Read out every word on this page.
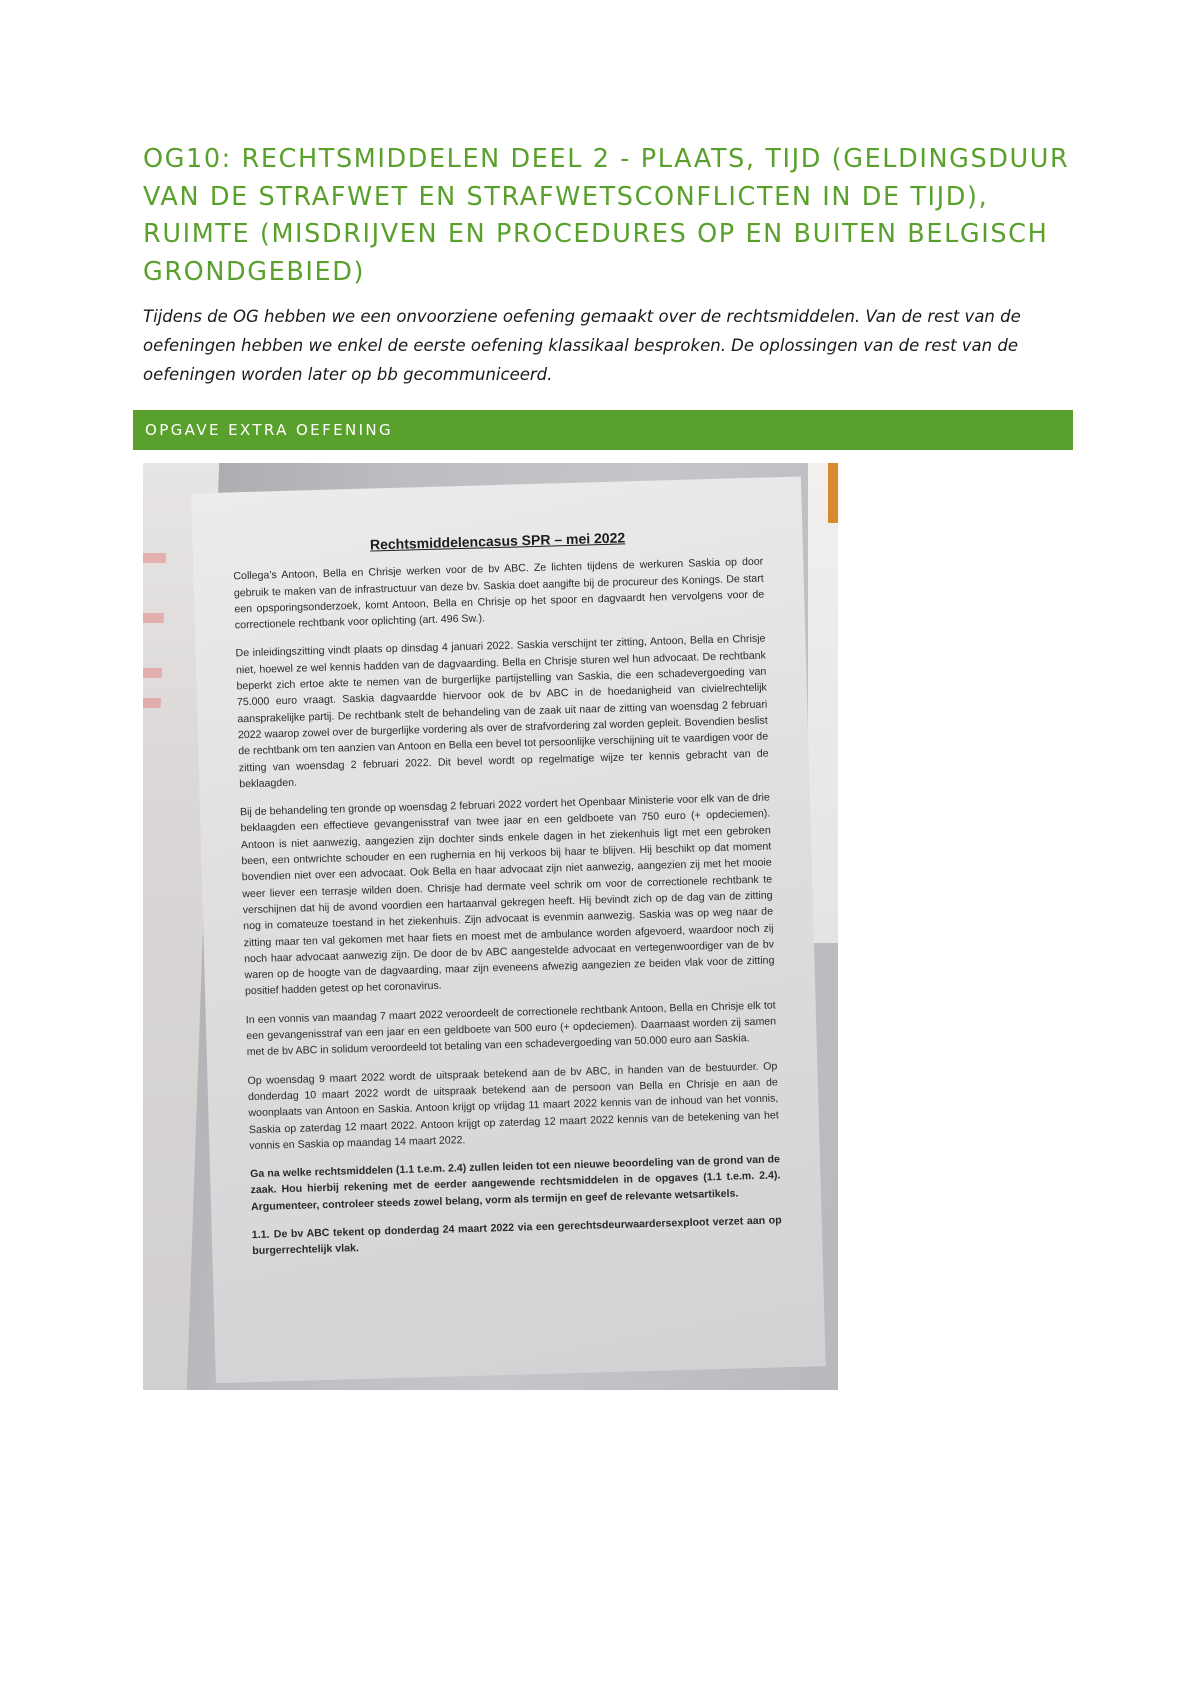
OG10: RECHTSMIDDELEN DEEL 2 - PLAATS, TIJD (GELDINGSDUUR VAN DE STRAFWET EN STRAFWETSCONFLICTEN IN DE TIJD), RUIMTE (MISDRIJVEN EN PROCEDURES OP EN BUITEN BELGISCH GRONDGEBIED)

Tijdens de OG hebben we een onvoorziene oefening gemaakt over de rechtsmiddelen. Van de rest van de oefeningen hebben we enkel de eerste oefening klassikaal besproken. De oplossingen van de rest van de oefeningen worden later op bb gecommuniceerd.

OPGAVE EXTRA OEFENING
Rechtsmiddelencasus SPR – mei 2022

Collega’s Antoon, Bella en Chrisje werken voor de bv ABC. Ze lichten tijdens de werkuren Saskia op door gebruik te maken van de infrastructuur van deze bv. Saskia doet aangifte bij de procureur des Konings. De start een opsporingsonderzoek, komt Antoon, Bella en Chrisje op het spoor en dagvaardt hen vervolgens voor de correctionele rechtbank voor oplichting (art. 496 Sw.).

De inleidingszitting vindt plaats op dinsdag 4 januari 2022. Saskia verschijnt ter zitting, Antoon, Bella en Chrisje niet, hoewel ze wel kennis hadden van de dagvaarding. Bella en Chrisje sturen wel hun advocaat. De rechtbank beperkt zich ertoe akte te nemen van de burgerlijke partijstelling van Saskia, die een schadevergoeding van 75.000 euro vraagt. Saskia dagvaardde hiervoor ook de bv ABC in de hoedanigheid van civielrechtelijk aansprakelijke partij. De rechtbank stelt de behandeling van de zaak uit naar de zitting van woensdag 2 februari 2022 waarop zowel over de burgerlijke vordering als over de strafvordering zal worden gepleit. Bovendien beslist de rechtbank om ten aanzien van Antoon en Bella een bevel tot persoonlijke verschijning uit te vaardigen voor de zitting van woensdag 2 februari 2022. Dit bevel wordt op regelmatige wijze ter kennis gebracht van de beklaagden.

Bij de behandeling ten gronde op woensdag 2 februari 2022 vordert het Openbaar Ministerie voor elk van de drie beklaagden een effectieve gevangenisstraf van twee jaar en een geldboete van 750 euro (+ opdeciemen). Antoon is niet aanwezig, aangezien zijn dochter sinds enkele dagen in het ziekenhuis ligt met een gebroken been, een ontwrichte schouder en een rughernia en hij verkoos bij haar te blijven. Hij beschikt op dat moment bovendien niet over een advocaat. Ook Bella en haar advocaat zijn niet aanwezig, aangezien zij met het mooie weer liever een terrasje wilden doen. Chrisje had dermate veel schrik om voor de correctionele rechtbank te verschijnen dat hij de avond voordien een hartaanval gekregen heeft. Hij bevindt zich op de dag van de zitting nog in comateuze toestand in het ziekenhuis. Zijn advocaat is evenmin aanwezig. Saskia was op weg naar de zitting maar ten val gekomen met haar fiets en moest met de ambulance worden afgevoerd, waardoor noch zij noch haar advocaat aanwezig zijn. De door de bv ABC aangestelde advocaat en vertegenwoordiger van de bv waren op de hoogte van de dagvaarding, maar zijn eveneens afwezig aangezien ze beiden vlak voor de zitting positief hadden getest op het coronavirus.

In een vonnis van maandag 7 maart 2022 veroordeelt de correctionele rechtbank Antoon, Bella en Chrisje elk tot een gevangenisstraf van een jaar en een geldboete van 500 euro (+ opdeciemen). Daarnaast worden zij samen met de bv ABC in solidum veroordeeld tot betaling van een schadevergoeding van 50.000 euro aan Saskia.

Op woensdag 9 maart 2022 wordt de uitspraak betekend aan de bv ABC, in handen van de bestuurder. Op donderdag 10 maart 2022 wordt de uitspraak betekend aan de persoon van Bella en Chrisje en aan de woonplaats van Antoon en Saskia. Antoon krijgt op vrijdag 11 maart 2022 kennis van de inhoud van het vonnis, Saskia op zaterdag 12 maart 2022. Antoon krijgt op zaterdag 12 maart 2022 kennis van de betekening van het vonnis en Saskia op maandag 14 maart 2022.

Ga na welke rechtsmiddelen (1.1 t.e.m. 2.4) zullen leiden tot een nieuwe beoordeling van de grond van de zaak. Hou hierbij rekening met de eerder aangewende rechtsmiddelen in de opgaves (1.1 t.e.m. 2.4). Argumenteer, controleer steeds zowel belang, vorm als termijn en geef de relevante wetsartikels.

1.1. De bv ABC tekent op donderdag 24 maart 2022 via een gerechtsdeurwaardersexploot verzet aan op burgerrechtelijk vlak.
